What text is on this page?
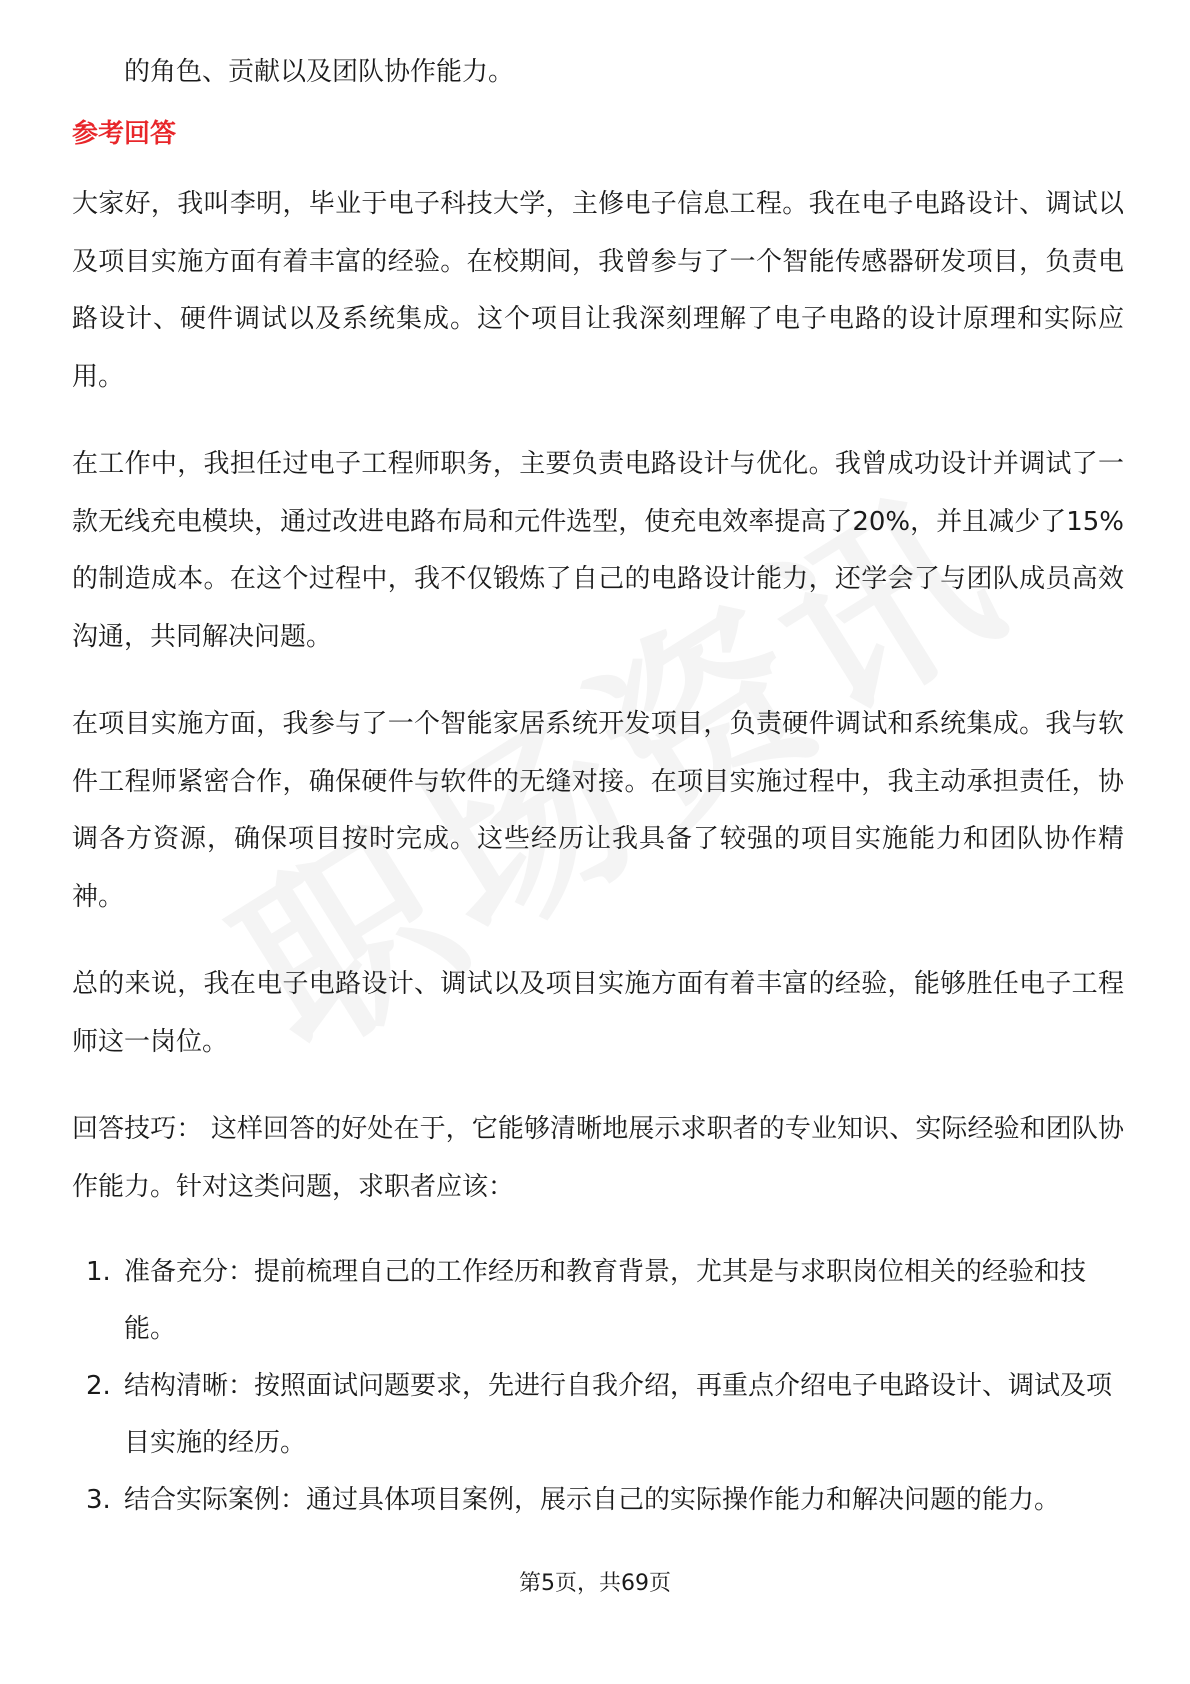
的角色、贡献以及团队协作能力。

参考回答

大家好，我叫李明，毕业于电子科技大学，主修电子信息工程。我在电子电路设计、调试以及项目实施方面有着丰富的经验。在校期间，我曾参与了一个智能传感器研发项目，负责电路设计、硬件调试以及系统集成。这个项目让我深刻理解了电子电路的设计原理和实际应用。

在工作中，我担任过电子工程师职务，主要负责电路设计与优化。我曾成功设计并调试了一款无线充电模块，通过改进电路布局和元件选型，使充电效率提高了20%，并且减少了15%的制造成本。在这个过程中，我不仅锻炼了自己的电路设计能力，还学会了与团队成员高效沟通，共同解决问题。

在项目实施方面，我参与了一个智能家居系统开发项目，负责硬件调试和系统集成。我与软件工程师紧密合作，确保硬件与软件的无缝对接。在项目实施过程中，我主动承担责任，协调各方资源，确保项目按时完成。这些经历让我具备了较强的项目实施能力和团队协作精神。

总的来说，我在电子电路设计、调试以及项目实施方面有着丰富的经验，能够胜任电子工程师这一岗位。

回答技巧： 这样回答的好处在于，它能够清晰地展示求职者的专业知识、实际经验和团队协作能力。针对这类问题，求职者应该：

1. 准备充分：提前梳理自己的工作经历和教育背景，尤其是与求职岗位相关的经验和技能。
2. 结构清晰：按照面试问题要求，先进行自我介绍，再重点介绍电子电路设计、调试及项目实施的经历。
3. 结合实际案例：通过具体项目案例，展示自己的实际操作能力和解决问题的能力。
第5页，共69页
